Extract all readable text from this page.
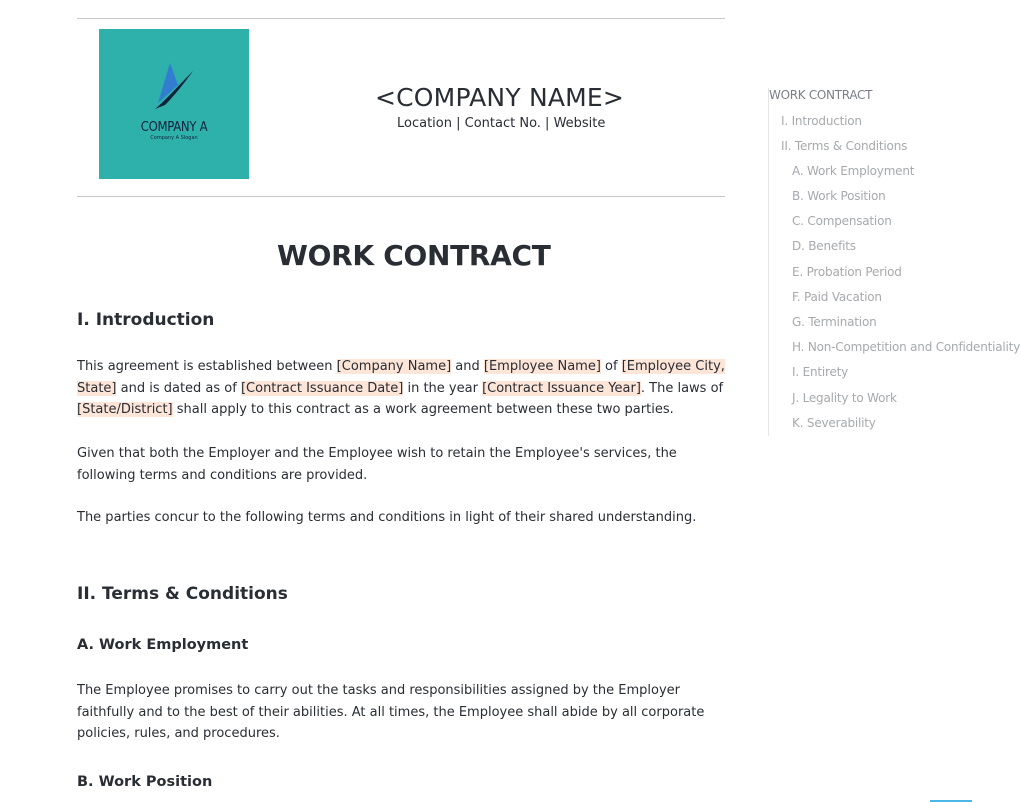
COMPANY A
Company A Slogan
<COMPANY NAME>
Location | Contact No. | Website
WORK CONTRACT
I. Introduction
This agreement is established between [Company Name] and [Employee Name] of [Employee City, State] and is dated as of [Contract Issuance Date] in the year [Contract Issuance Year]. The laws of [State/District] shall apply to this contract as a work agreement between these two parties.
Given that both the Employer and the Employee wish to retain the Employee's services, the following terms and conditions are provided.
The parties concur to the following terms and conditions in light of their shared understanding.
II. Terms & Conditions
A. Work Employment
The Employee promises to carry out the tasks and responsibilities assigned by the Employer faithfully and to the best of their abilities. At all times, the Employee shall abide by all corporate policies, rules, and procedures.
B. Work Position
WORK CONTRACT
I. Introduction
II. Terms & Conditions
A. Work Employment
B. Work Position
C. Compensation
D. Benefits
E. Probation Period
F. Paid Vacation
G. Termination
H. Non-Competition and Confidentiality
I. Entirety
J. Legality to Work
K. Severability
